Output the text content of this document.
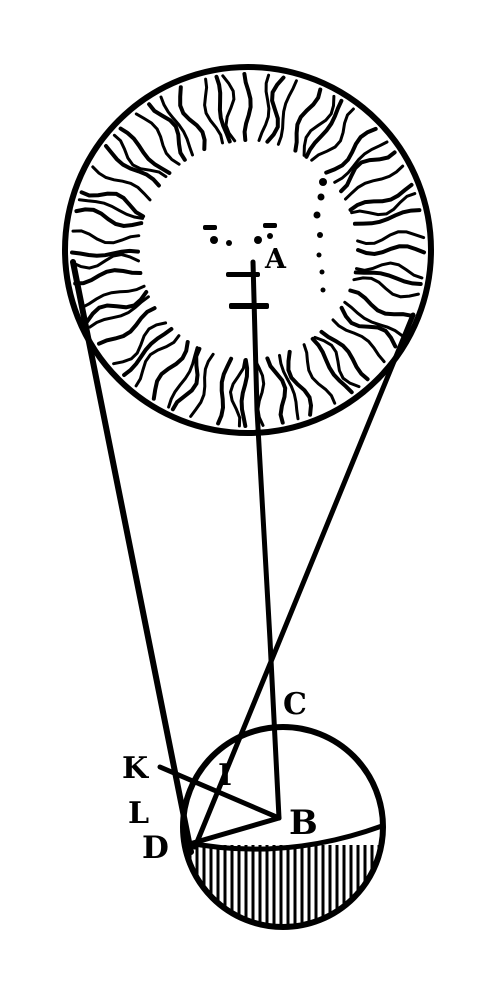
A
C
K I
L	B
D
